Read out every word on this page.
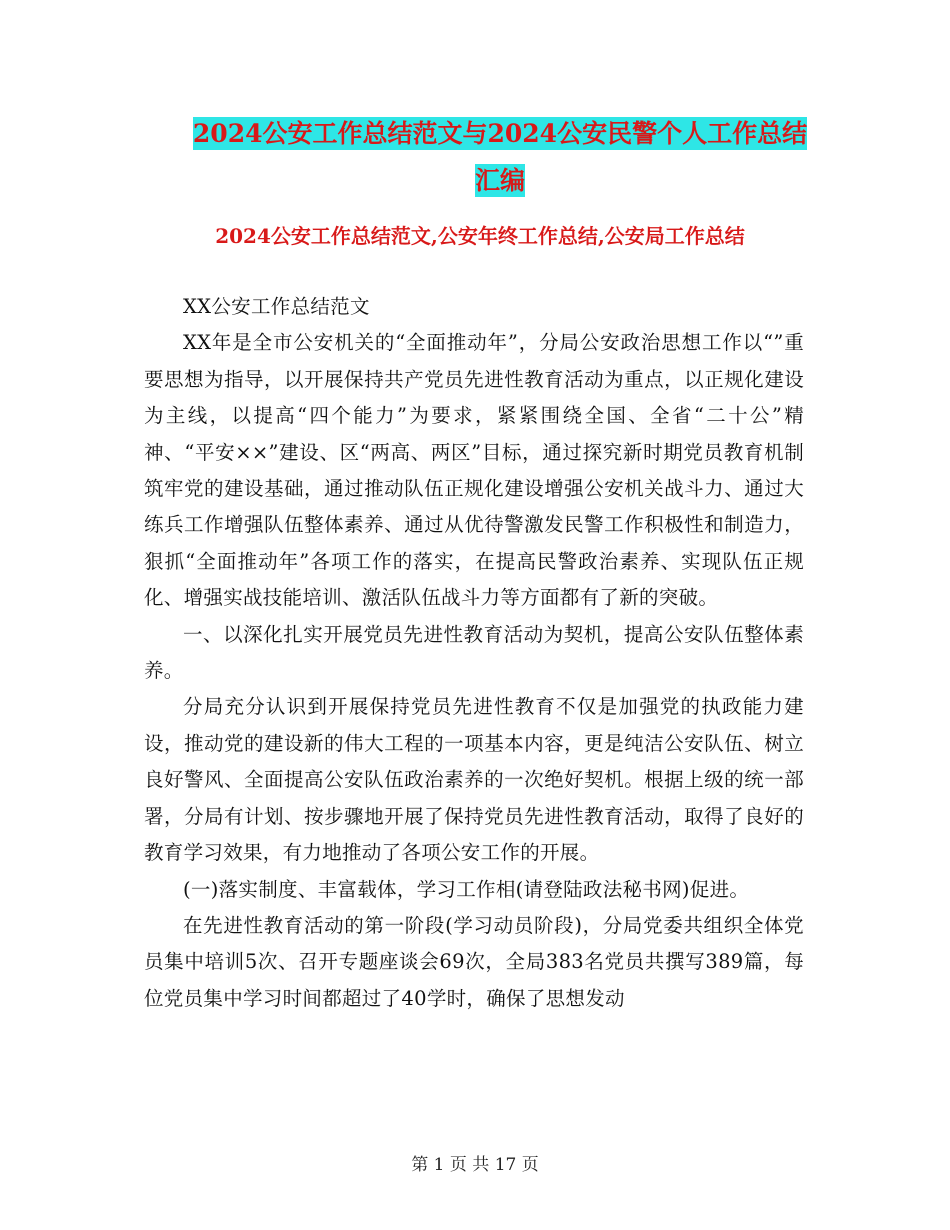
2024公安工作总结范文与2024公安民警个人工作总结
汇编
2024公安工作总结范文,公安年终工作总结,公安局工作总结

XX公安工作总结范文

XX年是全市公安机关的“全面推动年”，分局公安政治思想工作以“”重要思想为指导，以开展保持共产党员先进性教育活动为重点，以正规化建设为主线，以提高“四个能力”为要求，紧紧围绕全国、全省“二十公”精神、“平安××”建设、区“两高、两区”目标，通过探究新时期党员教育机制筑牢党的建设基础，通过推动队伍正规化建设增强公安机关战斗力、通过大练兵工作增强队伍整体素养、通过从优待警激发民警工作积极性和制造力，狠抓“全面推动年”各项工作的落实，在提高民警政治素养、实现队伍正规化、增强实战技能培训、激活队伍战斗力等方面都有了新的突破。

一、以深化扎实开展党员先进性教育活动为契机，提高公安队伍整体素养。

分局充分认识到开展保持党员先进性教育不仅是加强党的执政能力建设，推动党的建设新的伟大工程的一项基本内容，更是纯洁公安队伍、树立良好警风、全面提高公安队伍政治素养的一次绝好契机。根据上级的统一部署，分局有计划、按步骤地开展了保持党员先进性教育活动，取得了良好的教育学习效果，有力地推动了各项公安工作的开展。

(一)落实制度、丰富载体，学习工作相(请登陆政法秘书网)促进。

在先进性教育活动的第一阶段(学习动员阶段)，分局党委共组织全体党员集中培训5次、召开专题座谈会69次，全局383名党员共撰写389篇，每位党员集中学习时间都超过了40学时，确保了思想发动

第 1 页 共 17 页
